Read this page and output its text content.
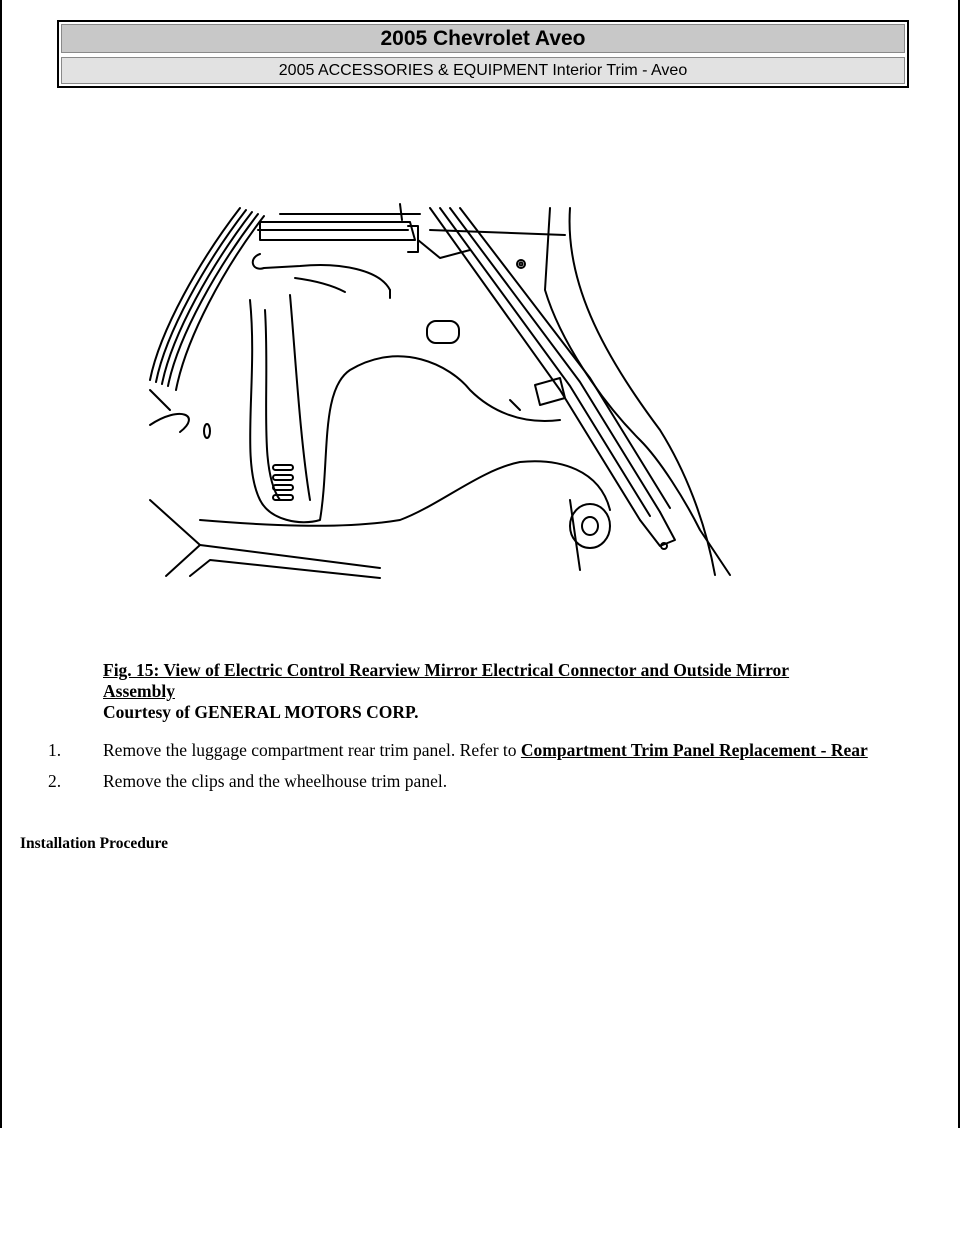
2005 Chevrolet Aveo
2005 ACCESSORIES & EQUIPMENT Interior Trim - Aveo
Fig. 15: View of Electric Control Rearview Mirror Electrical Connector and Outside Mirror Assembly
Courtesy of GENERAL MOTORS CORP.
1. Remove the luggage compartment rear trim panel. Refer to Compartment Trim Panel Replacement - Rear
2. Remove the clips and the wheelhouse trim panel.
Installation Procedure
